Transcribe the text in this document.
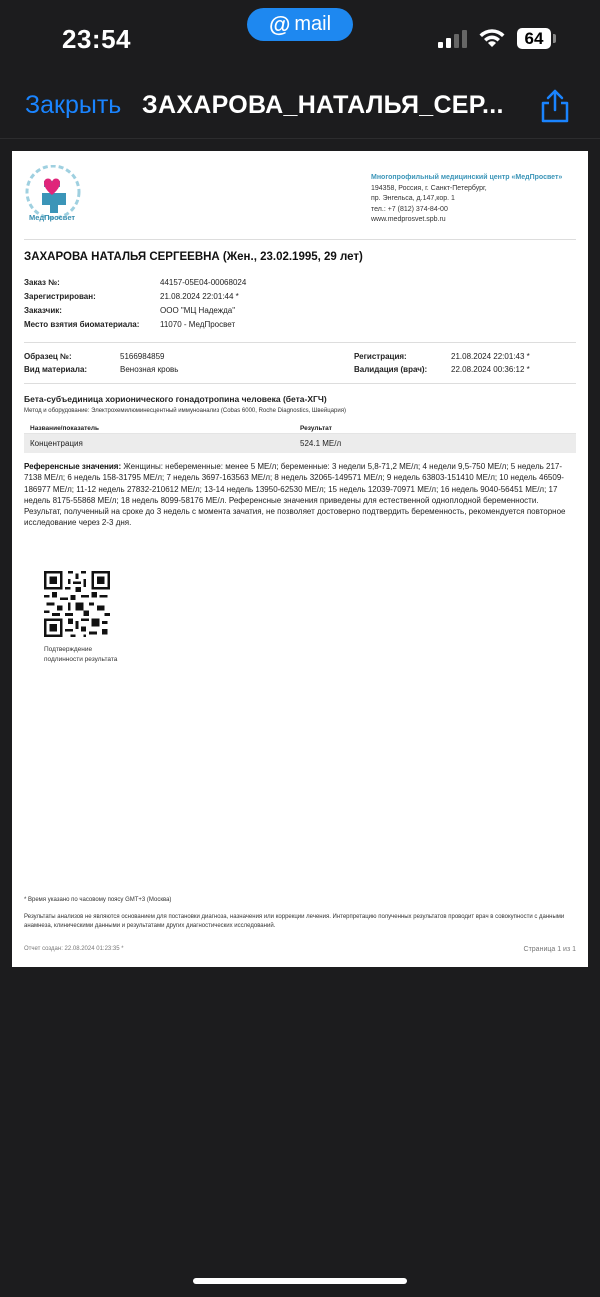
23:54	@ mail
64
Закрыть ЗАХАРОВА_НАТАЛЬЯ_СЕР...
МедПросвет
Многопрофильный медицинский центр «МедПросвет»
194358, Россия, г. Санкт-Петербург,
пр. Энгельса, д.147,кор. 1
тел.: +7 (812) 374-84-00
www.medprosvet.spb.ru
ЗАХАРОВА НАТАЛЬЯ СЕРГЕЕВНА (Жен., 23.02.1995, 29 лет)
Заказ №:	44157-05E04-00068024
Зарегистрирован:	21.08.2024 22:01:44 *
Заказчик:	ООО "МЦ Надежда"
Место взятия биоматериала:	11070 - МедПросвет
Образец №:	5166984859
Вид материала:	Венозная кровь
Регистрация:	21.08.2024 22:01:43 *
Валидация (врач):	22.08.2024 00:36:12 *
Бета-субъединица хорионического гонадотропина человека (бета-ХГЧ)
Метод и оборудование: Электрохемилюминесцентный иммуноанализ (Cobas 6000, Roche Diagnostics, Швейцария)
Название/показатель	Результат
Концентрация	524.1 МЕ/л
Референсные значения: Женщины: небеременные: менее 5 МЕ/л; беременные: 3 недели 5,8-71,2 МЕ/л; 4 недели 9,5-750 МЕ/л; 5 недель 217-7138 МЕ/л; 6 недель 158-31795 МЕ/л; 7 недель 3697-163563 МЕ/л; 8 недель 32065-149571 МЕ/л; 9 недель 63803-151410 МЕ/л; 10 недель 46509-186977 МЕ/л; 11-12 недель 27832-210612 МЕ/л; 13-14 недель 13950-62530 МЕ/л; 15 недель 12039-70971 МЕ/л; 16 недель 9040-56451 МЕ/л; 17 недель 8175-55868 МЕ/л; 18 недель 8099-58176 МЕ/л. Референсные значения приведены для естественной одноплодной беременности. Результат, полученный на сроке до 3 недель с момента зачатия, не позволяет достоверно подтвердить беременность, рекомендуется повторное исследование через 2-3 дня.
Подтверждение
подлинности результата
* Время указано по часовому поясу GMT+3 (Москва)
Результаты анализов не являются основанием для постановки диагноза, назначения или коррекции лечения. Интерпретацию полученных результатов проводит врач в совокупности с данными анамнеза, клиническими данными и результатами других диагностических исследований.
Отчет создан: 22.08.2024 01:23:35 *	Страница 1 из 1
